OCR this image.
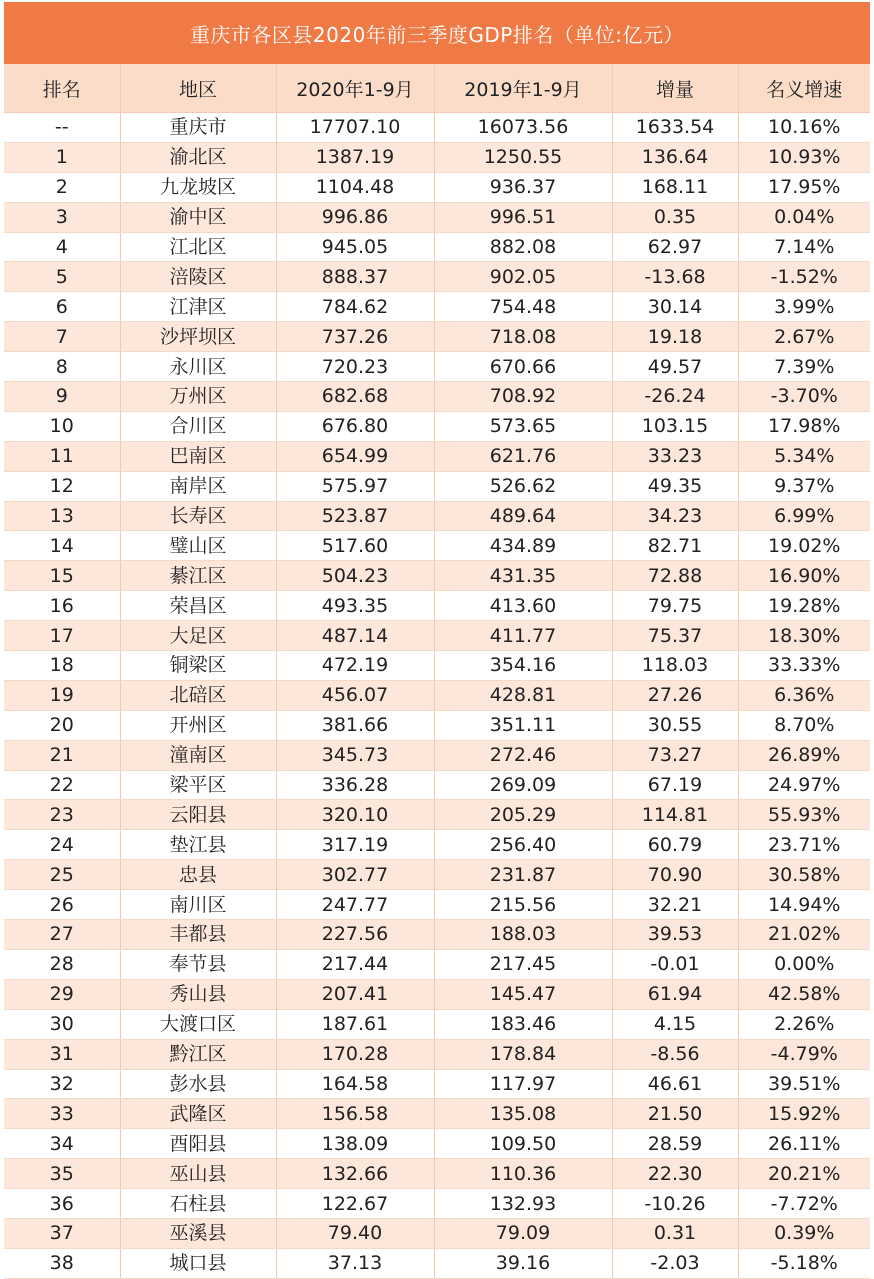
重庆市各区县2020年前三季度GDP排名（单位:亿元）
排名	地区	2020年1-9月	2019年1-9月	增量	名义增速
--	重庆市	17707.10	16073.56	1633.54	10.16%
1	渝北区	1387.19	1250.55	136.64	10.93%
2	九龙坡区	1104.48	936.37	168.11	17.95%
3	渝中区	996.86	996.51	0.35	0.04%
4	江北区	945.05	882.08	62.97	7.14%
5	涪陵区	888.37	902.05	-13.68	-1.52%
6	江津区	784.62	754.48	30.14	3.99%
7	沙坪坝区	737.26	718.08	19.18	2.67%
8	永川区	720.23	670.66	49.57	7.39%
9	万州区	682.68	708.92	-26.24	-3.70%
10	合川区	676.80	573.65	103.15	17.98%
11	巴南区	654.99	621.76	33.23	5.34%
12	南岸区	575.97	526.62	49.35	9.37%
13	长寿区	523.87	489.64	34.23	6.99%
14	璧山区	517.60	434.89	82.71	19.02%
15	綦江区	504.23	431.35	72.88	16.90%
16	荣昌区	493.35	413.60	79.75	19.28%
17	大足区	487.14	411.77	75.37	18.30%
18	铜梁区	472.19	354.16	118.03	33.33%
19	北碚区	456.07	428.81	27.26	6.36%
20	开州区	381.66	351.11	30.55	8.70%
21	潼南区	345.73	272.46	73.27	26.89%
22	梁平区	336.28	269.09	67.19	24.97%
23	云阳县	320.10	205.29	114.81	55.93%
24	垫江县	317.19	256.40	60.79	23.71%
25	忠县	302.77	231.87	70.90	30.58%
26	南川区	247.77	215.56	32.21	14.94%
27	丰都县	227.56	188.03	39.53	21.02%
28	奉节县	217.44	217.45	-0.01	0.00%
29	秀山县	207.41	145.47	61.94	42.58%
30	大渡口区	187.61	183.46	4.15	2.26%
31	黔江区	170.28	178.84	-8.56	-4.79%
32	彭水县	164.58	117.97	46.61	39.51%
33	武隆区	156.58	135.08	21.50	15.92%
34	酉阳县	138.09	109.50	28.59	26.11%
35	巫山县	132.66	110.36	22.30	20.21%
36	石柱县	122.67	132.93	-10.26	-7.72%
37	巫溪县	79.40	79.09	0.31	0.39%
38	城口县	37.13	39.16	-2.03	-5.18%
